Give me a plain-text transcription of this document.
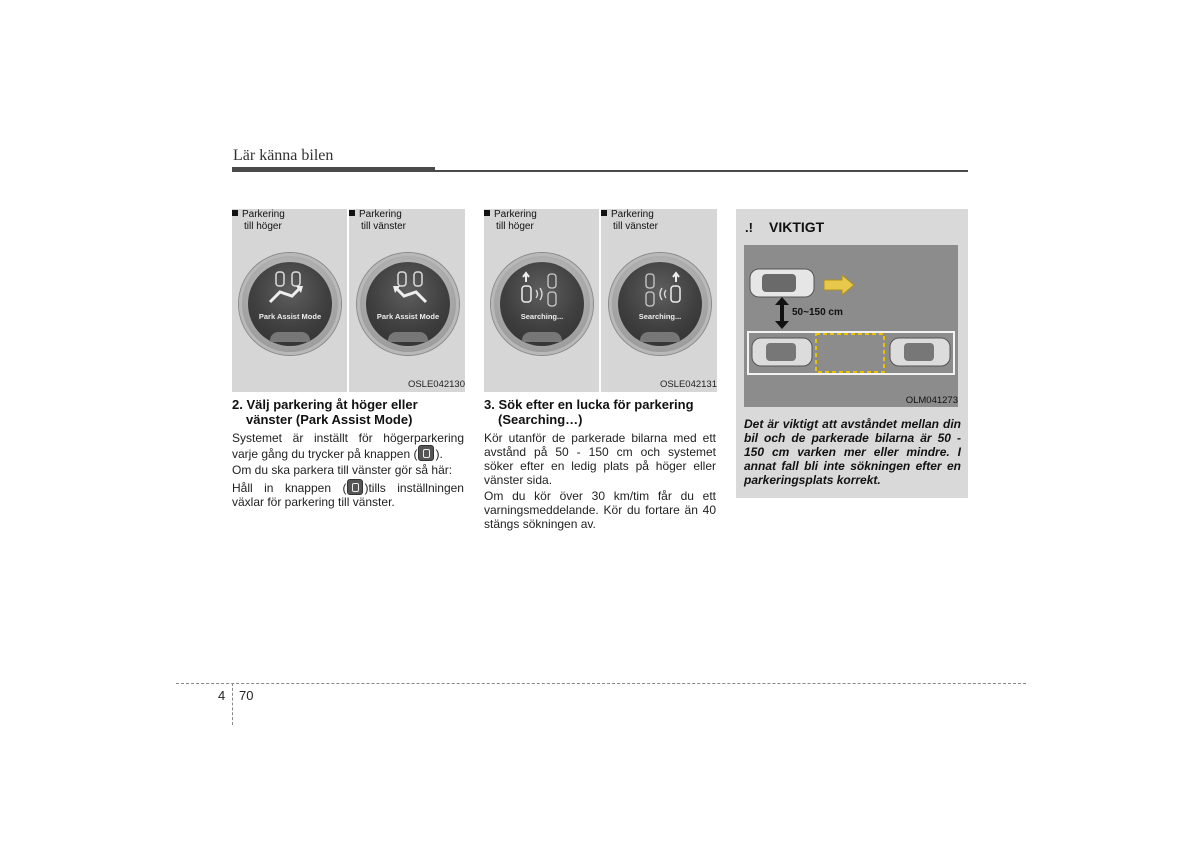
Lär känna bilen
Parkering
till höger
Park Assist Mode
Parkering
till vänster
Park Assist Mode
OSLE042130
Parkering
till höger
Searching...
Parkering
till vänster
Searching...
OSLE042131
2. Välj parkering åt höger eller
vänster (Park Assist Mode)

Systemet är inställt för högerparkering varje gång du trycker på knappen ( ).

Om du ska parkera till vänster gör så här:

Håll in knappen ( )tills inställningen växlar för parkering till vänster.

3. Sök efter en lucka för parkering
(Searching…)

Kör utanför de parkerade bilarna med ett avstånd på 50 - 150 cm och systemet söker efter en ledig plats på höger eller vänster sida.

Om du kör över 30 km/tim får du ett varningsmeddelande. Kör du fortare än 40 stängs sökningen av.

.! VIKTIGT
50~150 cm
OLM041273
Det är viktigt att avståndet mellan din bil och de parkerade bilarna är 50 - 150 cm varken mer eller mindre. I annat fall bli inte sökningen efter en parkeringsplats korrekt.
4 70
